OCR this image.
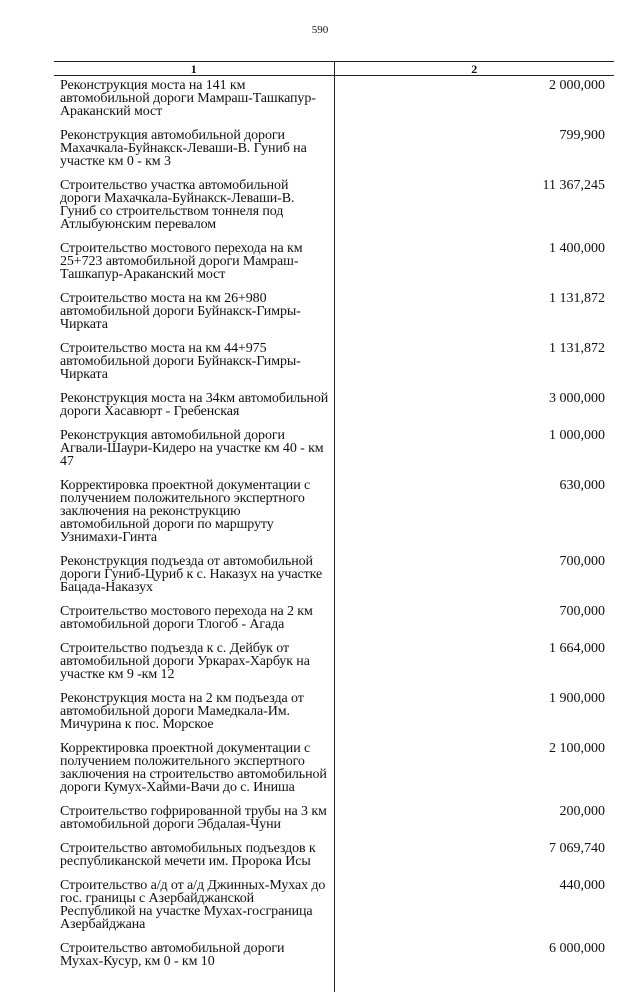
590
1	2
Реконструкция моста на 141 км автомобильной дороги Мамраш-Ташкапур-Араканский мост	2 000,000
Реконструкция автомобильной дороги Махачкала-Буйнакск-Леваши-В. Гуниб на участке км 0 - км 3	799,900
Строительство участка автомобильной дороги Махачкала-Буйнакск-Леваши-В. Гуниб со строительством тоннеля под Атлыбуюнским перевалом	11 367,245
Строительство мостового перехода на км 25+723 автомобильной дороги Мамраш-Ташкапур-Араканский мост	1 400,000
Строительство моста на км 26+980 автомобильной дороги Буйнакск-Гимры-Чирката	1 131,872
Строительство моста на км 44+975 автомобильной дороги Буйнакск-Гимры-Чирката	1 131,872
Реконструкция моста на 34км автомобильной дороги Хасавюрт - Гребенская	3 000,000
Реконструкция автомобильной дороги Агвали-Шаури-Кидеро на участке км 40 - км 47	1 000,000
Корректировка проектной документации с получением положительного экспертного заключения на реконструкцию автомобильной дороги по маршруту Узнимахи-Гинта	630,000
Реконструкция подъезда от автомобильной дороги Гуниб-Цуриб к с. Наказух на участке Бацада-Наказух	700,000
Строительство мостового перехода на 2 км автомобильной дороги Тлогоб - Агада	700,000
Строительство подъезда к с. Дейбук от автомобильной дороги Уркарах-Харбук на участке км 9 -км 12	1 664,000
Реконструкция моста на 2 км подъезда от автомобильной дороги Мамедкала-Им. Мичурина к пос. Морское	1 900,000
Корректировка проектной документации с получением положительного экспертного заключения на строительство автомобильной дороги Кумух-Хайми-Вачи до с. Иниша	2 100,000
Строительство гофрированной трубы на 3 км автомобильной дороги Эбдалая-Чуни	200,000
Строительство автомобильных подъездов к республиканской мечети им. Пророка Исы	7 069,740
Строительство а/д от а/д Джинных-Мухах до гос. границы с Азербайджанской Республикой на участке Мухах-госграница Азербайджана	440,000
Строительство автомобильной дороги Мухах-Кусур, км 0 - км 10	6 000,000
